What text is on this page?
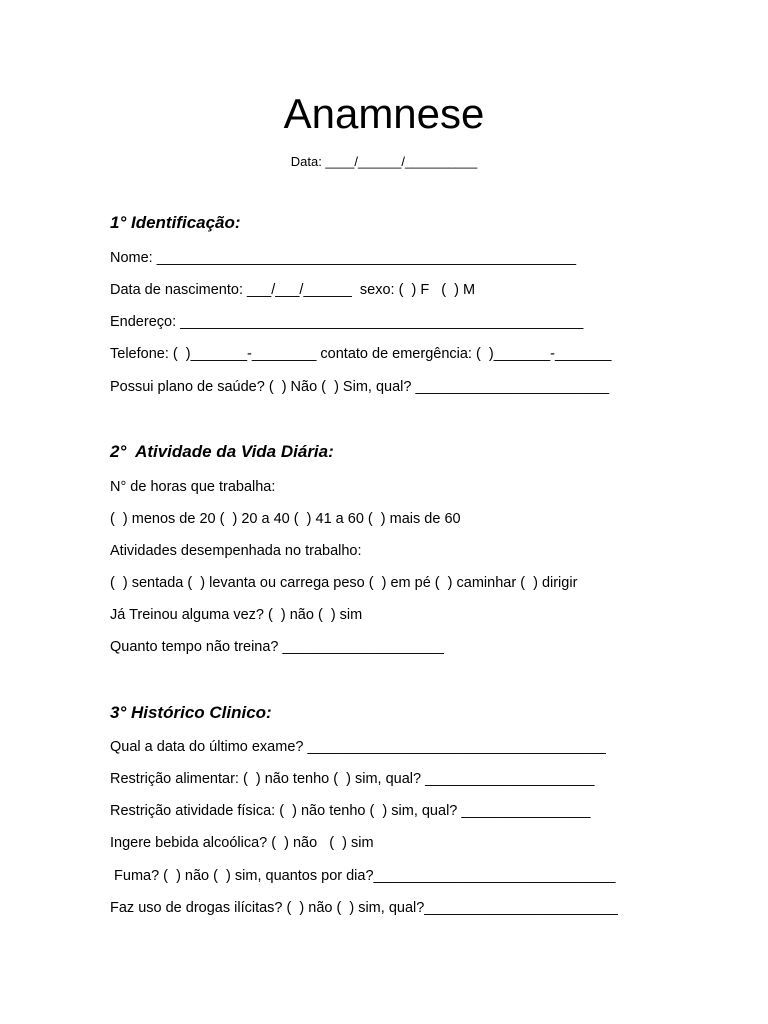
Anamnese
Data: ____/______/__________
1° Identificação:
Nome: ____________________________________________________
Data de nascimento: ___/___/______  sexo: (  ) F   (  ) M
Endereço: __________________________________________________
Telefone: (  )_______-________ contato de emergência: (  )_______-_______
Possui plano de saúde? (  ) Não (  ) Sim, qual? ________________________
2°  Atividade da Vida Diária:
N° de horas que trabalha:
(  ) menos de 20 (  ) 20 a 40 (  ) 41 a 60 (  ) mais de 60
Atividades desempenhada no trabalho:
(  ) sentada (  ) levanta ou carrega peso (  ) em pé (  ) caminhar (  ) dirigir
Já Treinou alguma vez? (  ) não (  ) sim
Quanto tempo não treina? ____________________
3° Histórico Clinico:
Qual a data do último exame? _____________________________________
Restrição alimentar: (  ) não tenho (  ) sim, qual? _____________________
Restrição atividade física: (  ) não tenho (  ) sim, qual? ________________
Ingere bebida alcoólica? (  ) não   (  ) sim
Fuma? (  ) não (  ) sim, quantos por dia?______________________________
Faz uso de drogas ilícitas? (  ) não (  ) sim, qual?________________________
